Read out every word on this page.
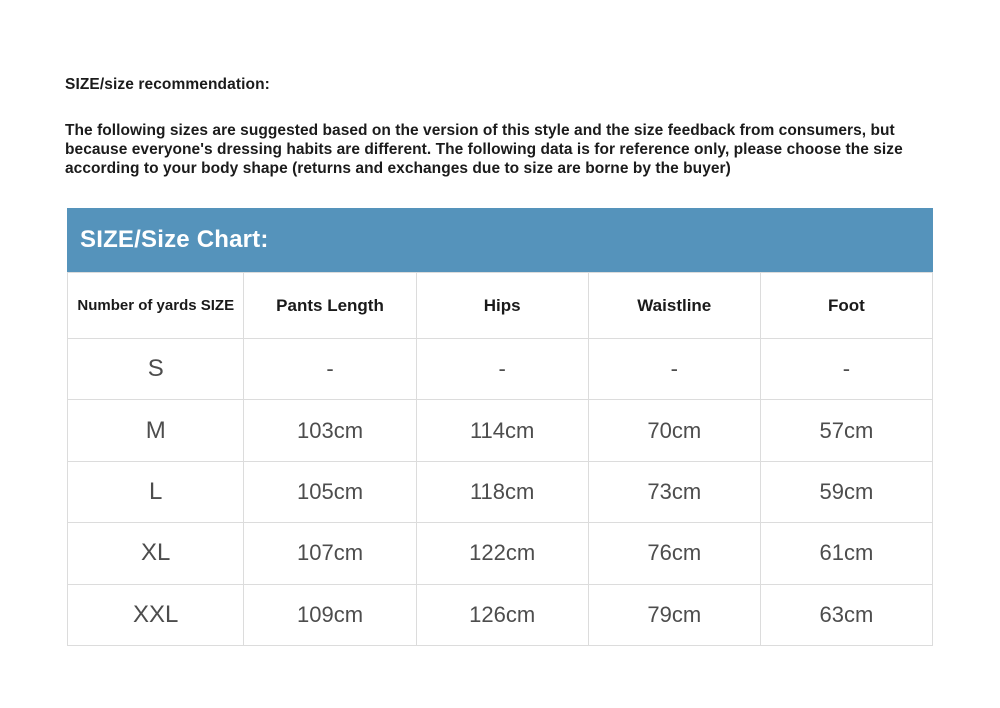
SIZE/size recommendation:

The following sizes are suggested based on the version of this style and the size feedback from consumers, but because everyone's dressing habits are different. The following data is for reference only, please choose the size according to your body shape (returns and exchanges due to size are borne by the buyer)

SIZE/Size Chart:
Number of yards SIZE	Pants Length	Hips	Waistline	Foot
S	-	-	-	-
M	103cm	114cm	70cm	57cm
L	105cm	118cm	73cm	59cm
XL	107cm	122cm	76cm	61cm
XXL	109cm	126cm	79cm	63cm
